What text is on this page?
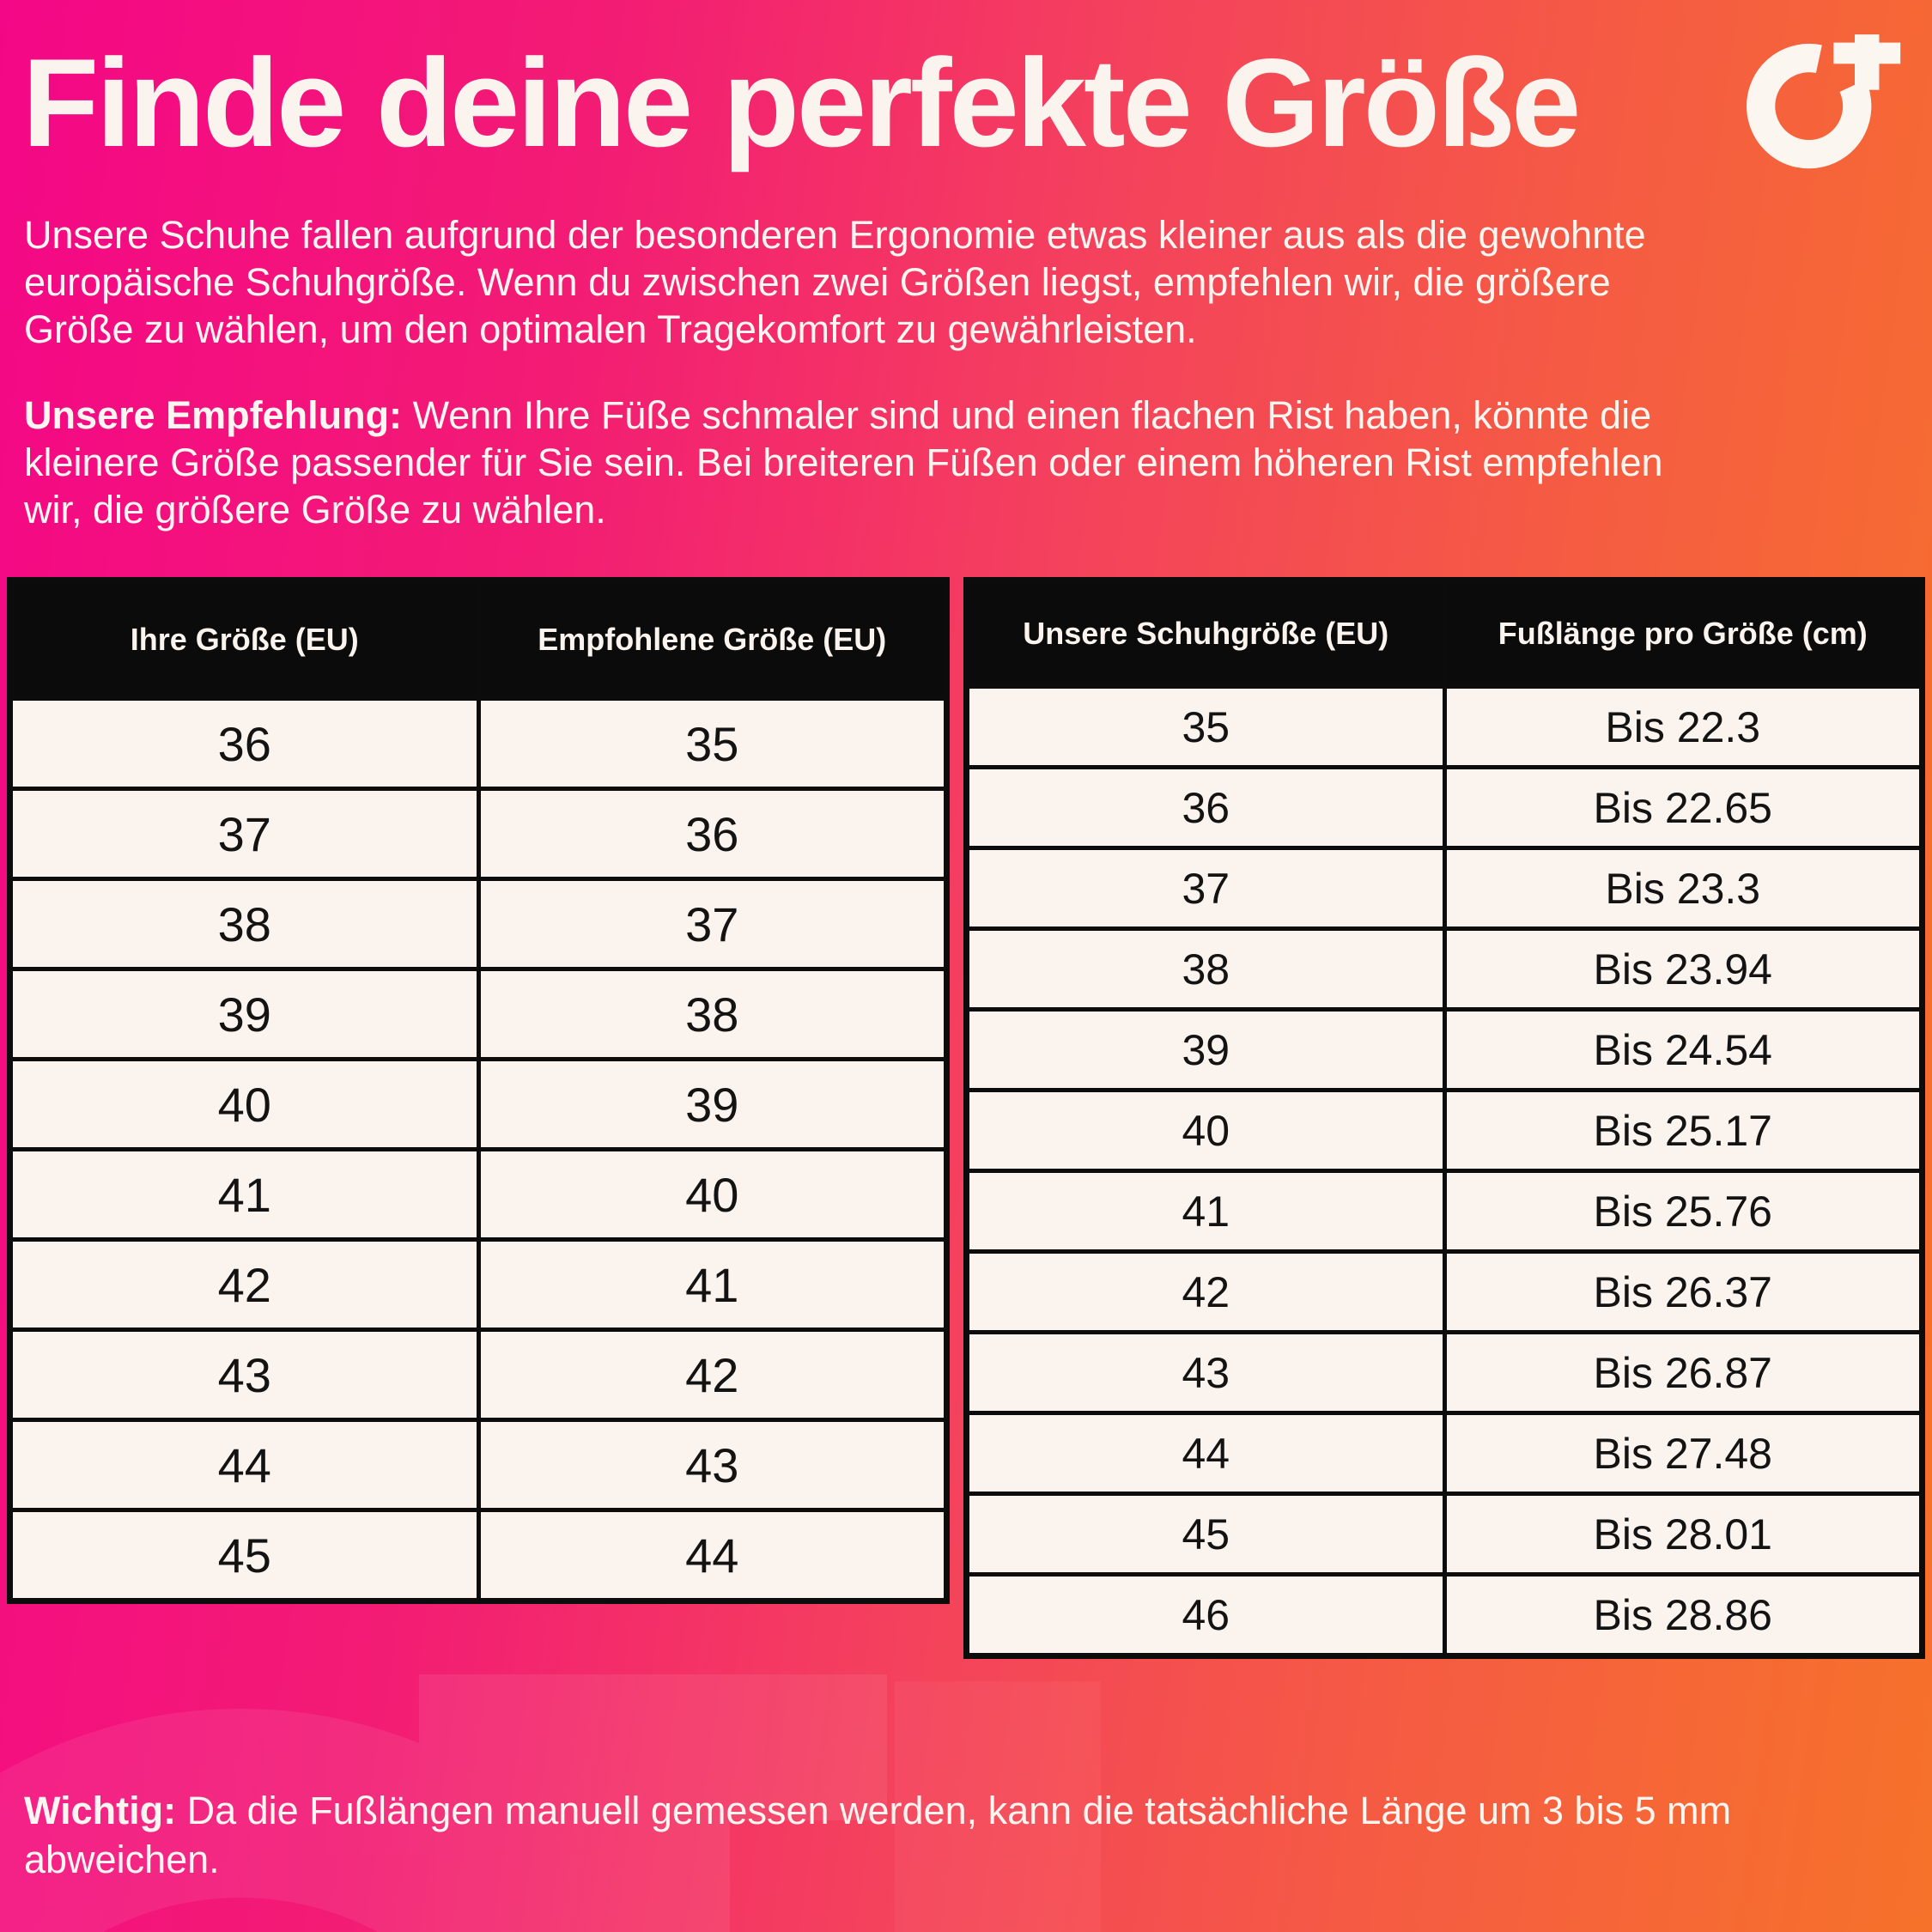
Finde deine perfekte Größe
Unsere Schuhe fallen aufgrund der besonderen Ergonomie etwas kleiner aus als die gewohnte
europäische Schuhgröße. Wenn du zwischen zwei Größen liegst, empfehlen wir, die größere
Größe zu wählen, um den optimalen Tragekomfort zu gewährleisten.
Unsere Empfehlung: Wenn Ihre Füße schmaler sind und einen flachen Rist haben, könnte die
kleinere Größe passender für Sie sein. Bei breiteren Füßen oder einem höheren Rist empfehlen
wir, die größere Größe zu wählen.
Ihre Größe (EU)	Empfohlene Größe (EU)
36	35
37	36
38	37
39	38
40	39
41	40
42	41
43	42
44	43
45	44
Unsere Schuhgröße (EU)	Fußlänge pro Größe (cm)
35	Bis 22.3
36	Bis 22.65
37	Bis 23.3
38	Bis 23.94
39	Bis 24.54
40	Bis 25.17
41	Bis 25.76
42	Bis 26.37
43	Bis 26.87
44	Bis 27.48
45	Bis 28.01
46	Bis 28.86
Wichtig: Da die Fußlängen manuell gemessen werden, kann die tatsächliche Länge um 3 bis 5 mm
abweichen.
